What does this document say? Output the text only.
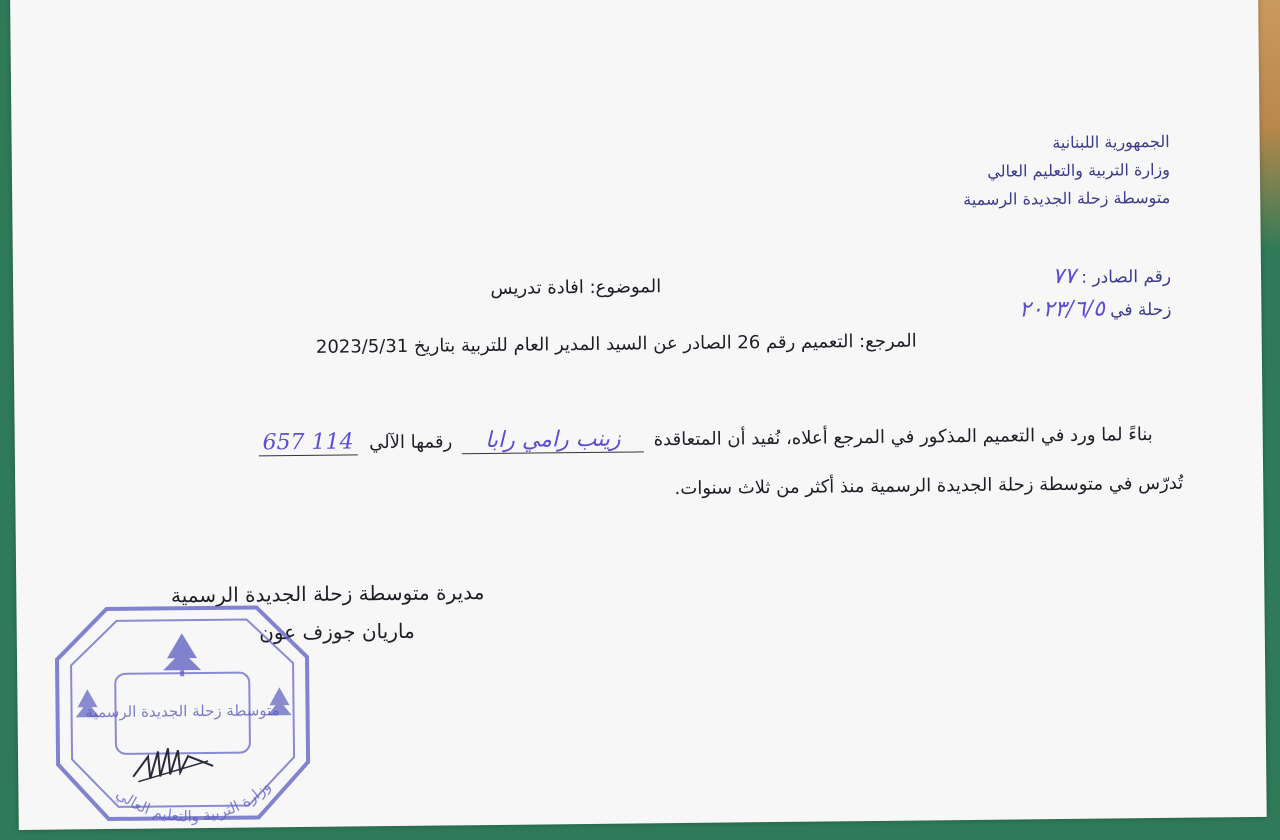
الجمهورية اللبنانية
وزارة التربية والتعليم العالي
متوسطة زحلة الجديدة الرسمية
رقم الصادر : ٧٧
زحلة في ٢٠٢٣/٦/٥
الموضوع: افادة تدريس
المرجع: التعميم رقم 26 الصادر عن السيد المدير العام للتربية بتاريخ 2023/5/31
بناءً لما ورد في التعميم المذكور في المرجع أعلاه، نُفيد أن المتعاقدة زينب رامي رابا رقمها الآلي 114 657
تُدرّس في متوسطة زحلة الجديدة الرسمية منذ أكثر من ثلاث سنوات.
مديرة متوسطة زحلة الجديدة الرسمية
ماريان جوزف عون
متوسطة زحلة الجديدة الرسمية
وزارة التربية والتعليم العالي
